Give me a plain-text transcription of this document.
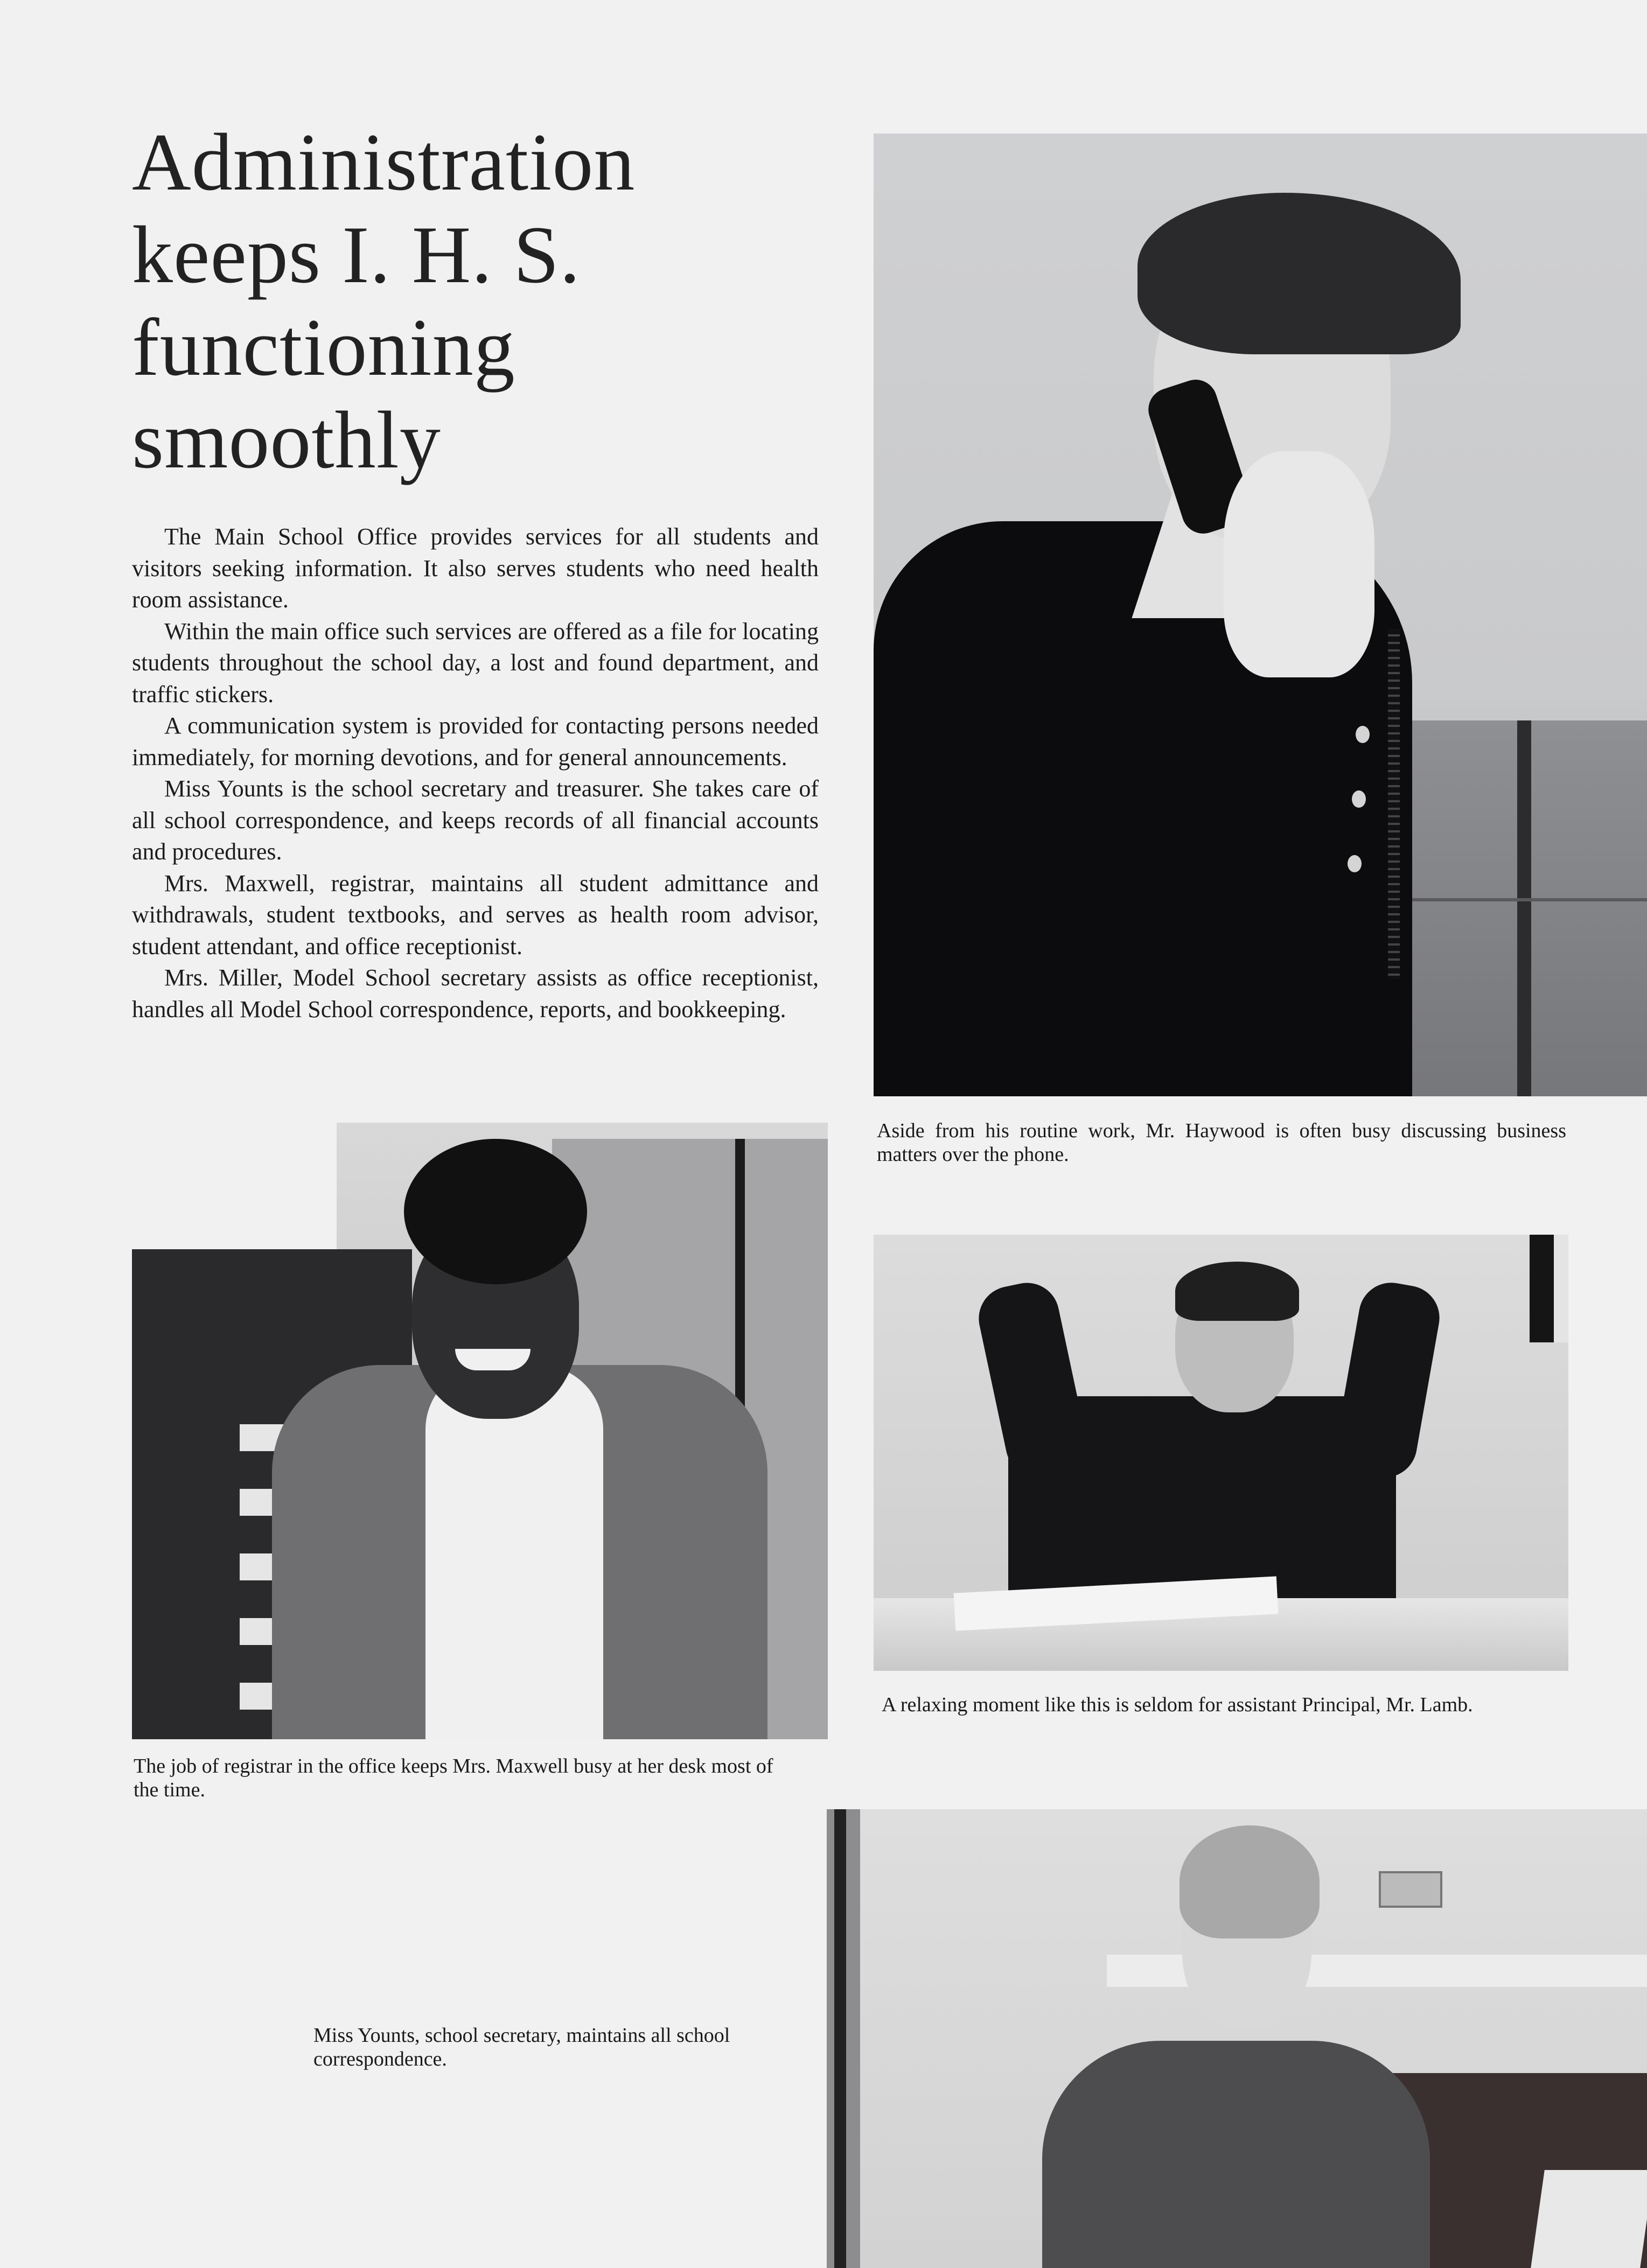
Administration
keeps I. H. S.
functioning
smoothly

The Main School Office provides services for all students and visitors seeking information. It also serves students who need health room assistance.

Within the main office such services are offered as a file for locating students throughout the school day, a lost and found department, and traffic stickers.

A communication system is provided for contacting persons needed immediately, for morning devotions, and for general announcements.

Miss Younts is the school secretary and treasurer. She takes care of all school correspondence, and keeps records of all financial accounts and procedures.

Mrs. Maxwell, registrar, maintains all student admittance and withdrawals, student textbooks, and serves as health room advisor, student attendant, and office receptionist.

Mrs. Miller, Model School secretary assists as office receptionist, handles all Model School correspondence, reports, and bookkeeping.

Aside from his routine work, Mr. Haywood is often busy discussing business matters over the phone.
The job of registrar in the office keeps Mrs. Maxwell busy at her desk most of the time.
A relaxing moment like this is seldom for assistant Principal, Mr. Lamb.
Miss Younts, school secretary, maintains all school correspondence.
